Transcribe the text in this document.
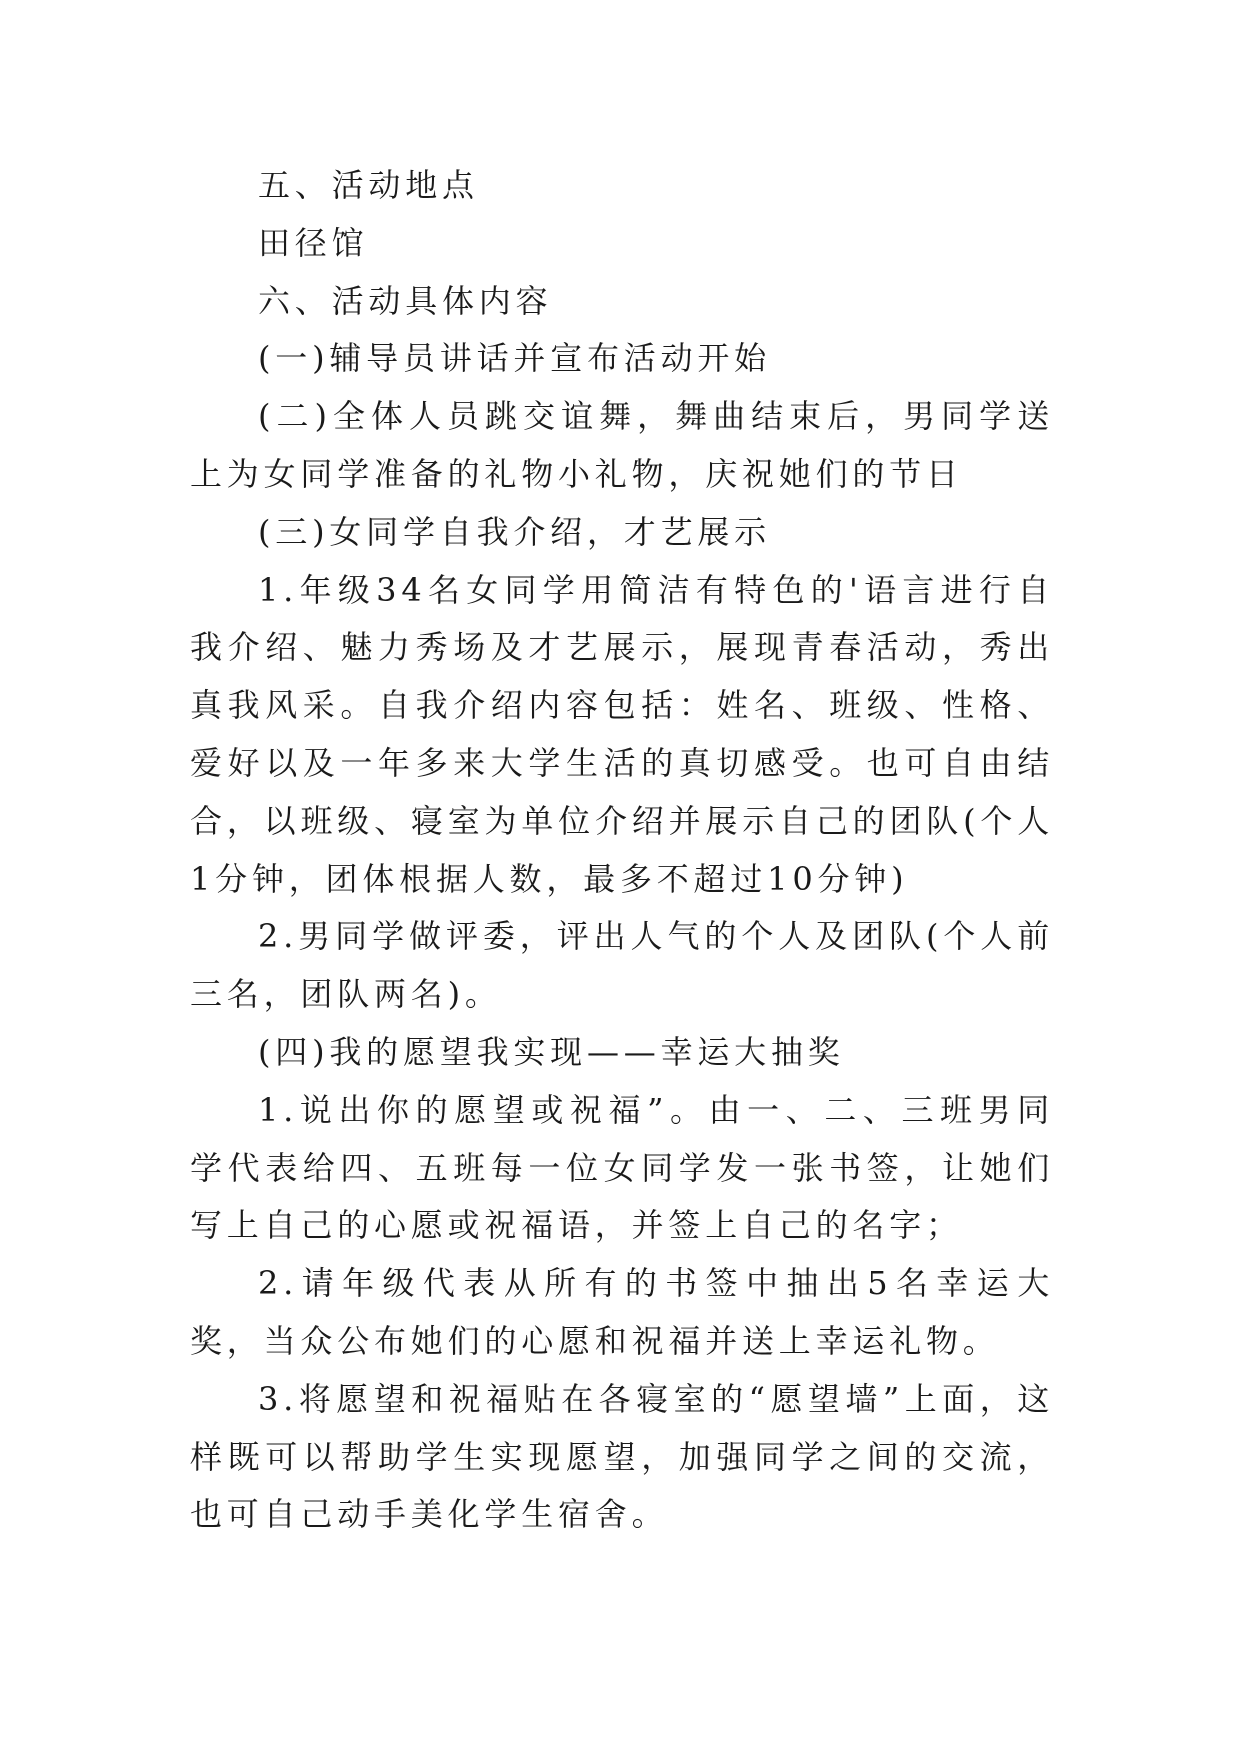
五、活动地点

田径馆

六、活动具体内容

(一)辅导员讲话并宣布活动开始

(二)全体人员跳交谊舞，舞曲结束后，男同学送上为女同学准备的礼物小礼物，庆祝她们的节日

(三)女同学自我介绍，才艺展示

1.年级34名女同学用简洁有特色的'语言进行自我介绍、魅力秀场及才艺展示，展现青春活动，秀出真我风采。自我介绍内容包括：姓名、班级、性格、爱好以及一年多来大学生活的真切感受。也可自由结合，以班级、寝室为单位介绍并展示自己的团队(个人1分钟，团体根据人数，最多不超过10分钟)

2.男同学做评委，评出人气的个人及团队(个人前三名，团队两名)。

(四)我的愿望我实现——幸运大抽奖

1.说出你的愿望或祝福”。由一、二、三班男同学代表给四、五班每一位女同学发一张书签，让她们写上自己的心愿或祝福语，并签上自己的名字；

2.请年级代表从所有的书签中抽出5名幸运大奖，当众公布她们的心愿和祝福并送上幸运礼物。

3.将愿望和祝福贴在各寝室的“愿望墙”上面，这样既可以帮助学生实现愿望，加强同学之间的交流，也可自己动手美化学生宿舍。
